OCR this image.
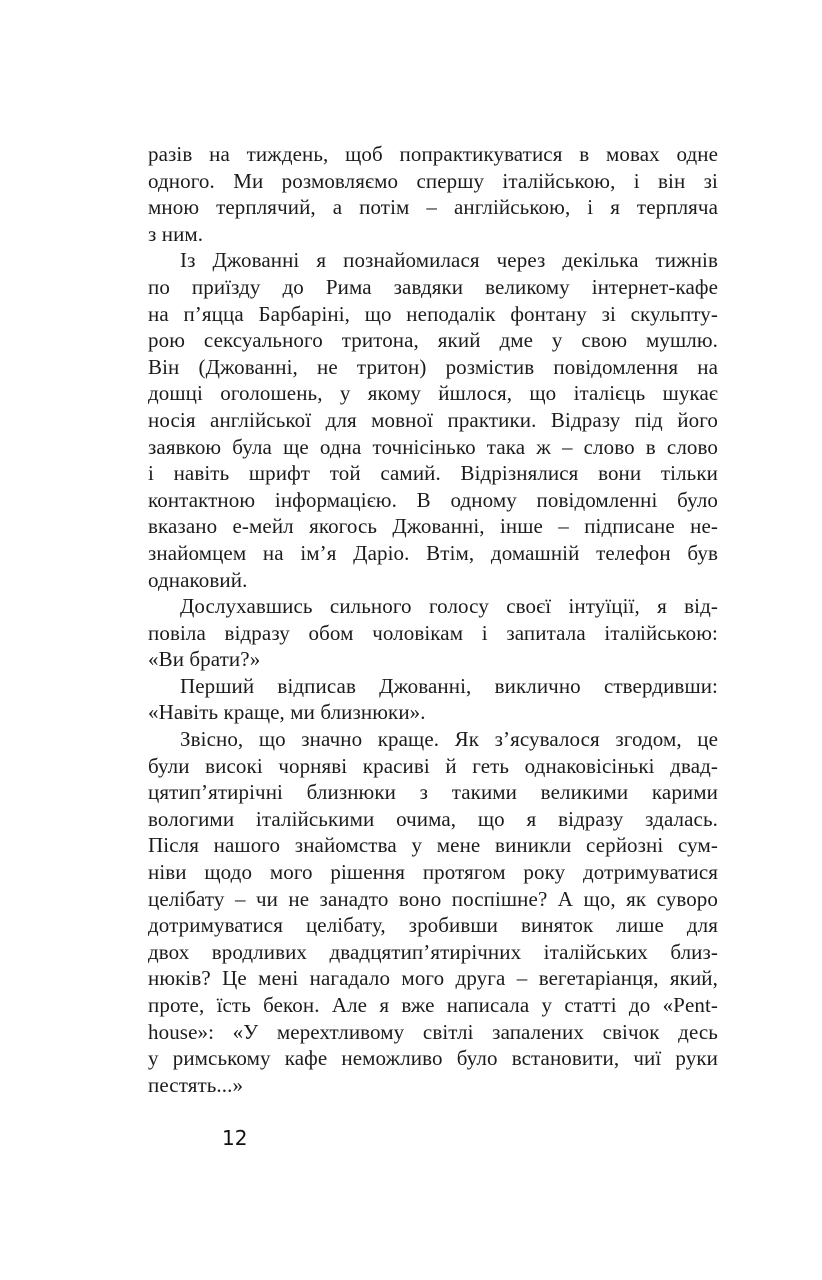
разів на тиждень, щоб попрактикуватися в мовах одне
одного. Ми розмовляємо спершу італійською, і він зі
мною терплячий, а потім – англійською, і я терпляча
з ним.
Із Джованні я познайомилася через декілька тижнів
по приїзду до Рима завдяки великому інтернет-кафе
на п’яцца Барбаріні, що неподалік фонтану зі скульпту-
рою сексуального тритона, який дме у свою мушлю.
Він (Джованні, не тритон) розмістив повідомлення на
дошці оголошень, у якому йшлося, що італієць шукає
носія англійської для мовної практики. Відразу під його
заявкою була ще одна точнісінько така ж – слово в слово
і навіть шрифт той самий. Відрізнялися вони тільки
контактною інформацією. В одному повідомленні було
вказано е-мейл якогось Джованні, інше – підписане не-
знайомцем на ім’я Даріо. Втім, домашній телефон був
однаковий.
Дослухавшись сильного голосу своєї інтуїції, я від-
повіла відразу обом чоловікам і запитала італійською:
«Ви брати?»
Перший відписав Джованні, виклично ствердивши:
«Навіть краще, ми близнюки».
Звісно, що значно краще. Як з’ясувалося згодом, це
були високі чорняві красиві й геть однаковісінькі двад-
цятип’ятирічні близнюки з такими великими карими
вологими італійськими очима, що я відразу здалась.
Після нашого знайомства у мене виникли серйозні сум-
ніви щодо мого рішення протягом року дотримуватися
целібату – чи не занадто воно поспішне? А що, як суворо
дотримуватися целібату, зробивши виняток лише для
двох вродливих двадцятип’ятирічних італійських близ-
нюків? Це мені нагадало мого друга – вегетаріанця, який,
проте, їсть бекон. Але я вже написала у статті до «Pent-
house»: «У мерехтливому світлі запалених свічок десь
у римському кафе неможливо було встановити, чиї руки
пестять...»
12
